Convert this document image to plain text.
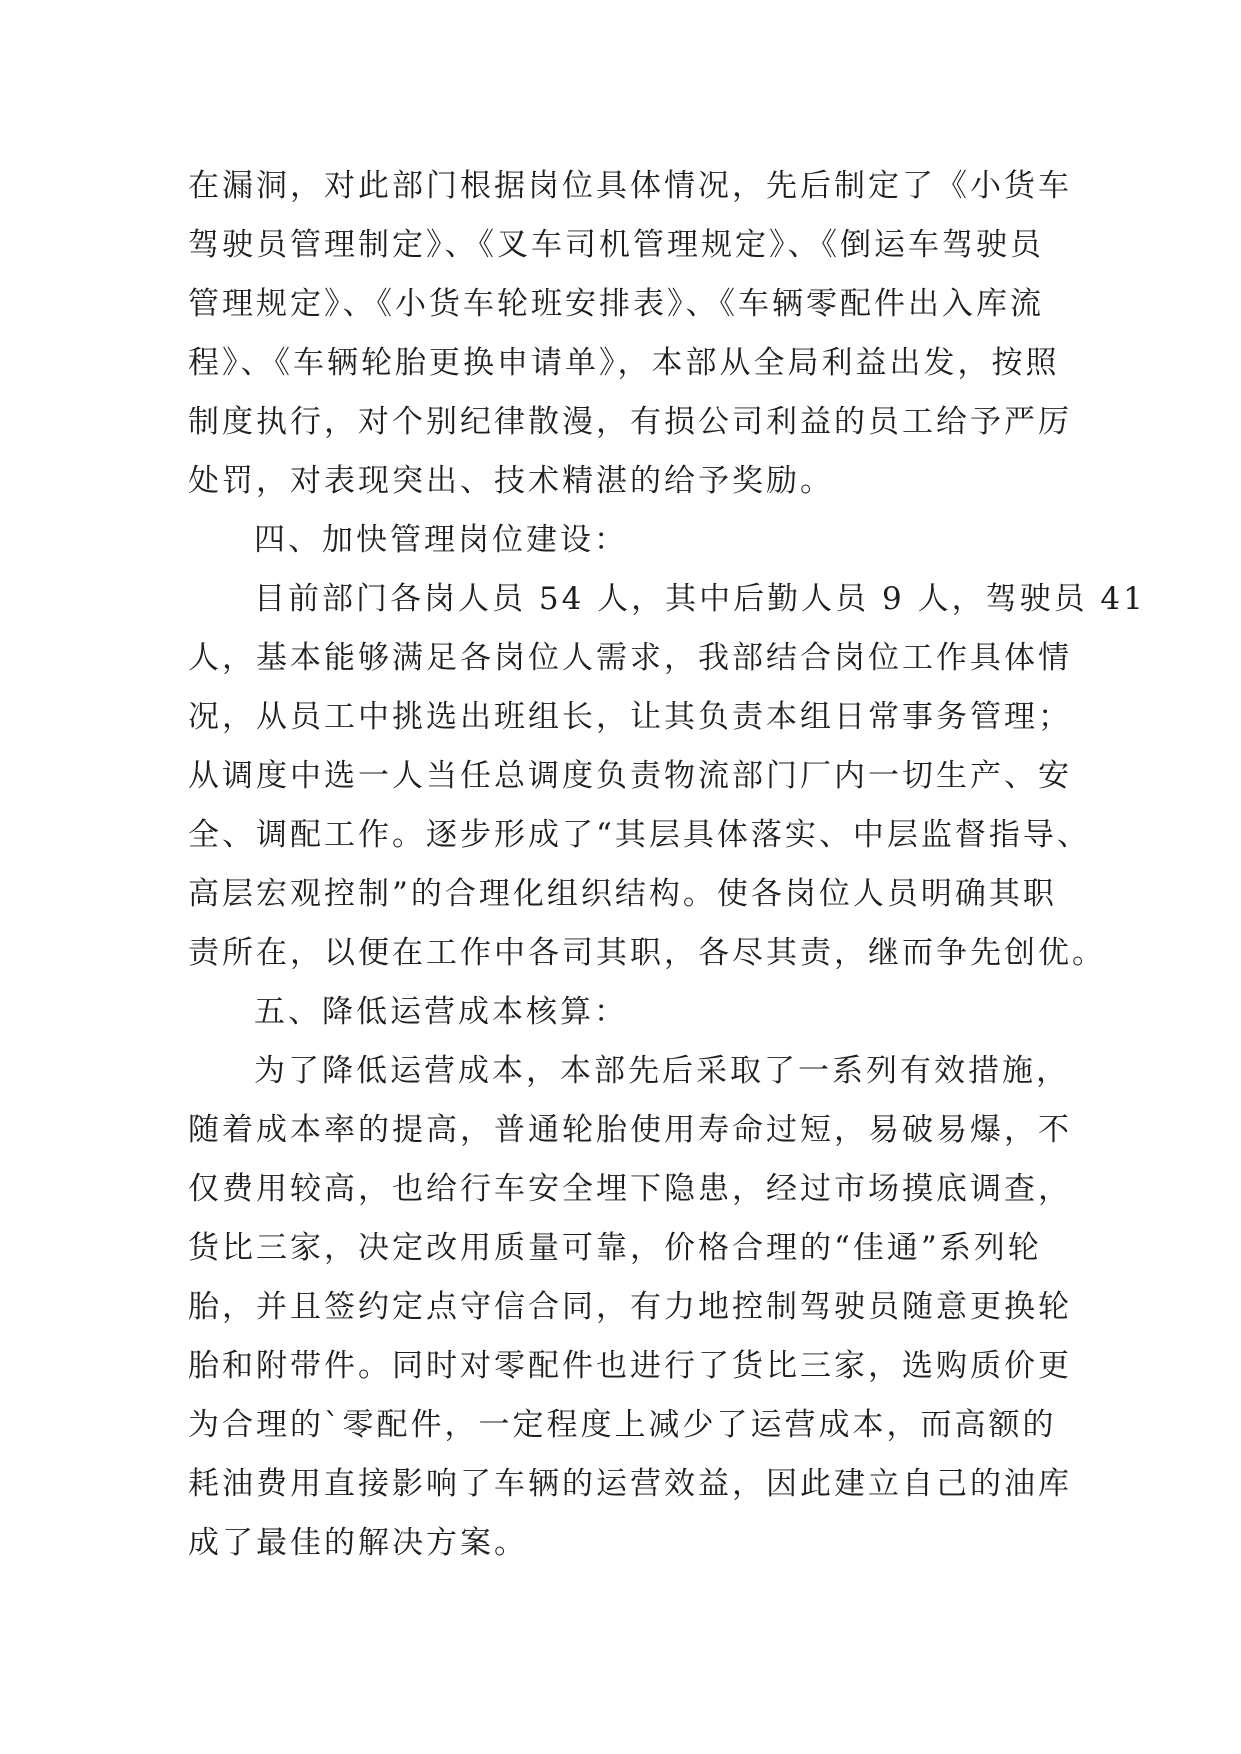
在漏洞，对此部门根据岗位具体情况，先后制定了《小货车
驾驶员管理制定》、《叉车司机管理规定》、《倒运车驾驶员
管理规定》、《小货车轮班安排表》、《车辆零配件出入库流
程》、《车辆轮胎更换申请单》，本部从全局利益出发，按照
制度执行，对个别纪律散漫，有损公司利益的员工给予严厉
处罚，对表现突出、技术精湛的给予奖励。
四、加快管理岗位建设：
目前部门各岗人员 54 人，其中后勤人员 9 人，驾驶员 41
人，基本能够满足各岗位人需求，我部结合岗位工作具体情
况，从员工中挑选出班组长，让其负责本组日常事务管理；
从调度中选一人当任总调度负责物流部门厂内一切生产、安
全、调配工作。逐步形成了“其层具体落实、中层监督指导、
高层宏观控制”的合理化组织结构。使各岗位人员明确其职
责所在，以便在工作中各司其职，各尽其责，继而争先创优。
五、降低运营成本核算：
为了降低运营成本，本部先后采取了一系列有效措施，
随着成本率的提高，普通轮胎使用寿命过短，易破易爆，不
仅费用较高，也给行车安全埋下隐患，经过市场摸底调查，
货比三家，决定改用质量可靠，价格合理的“佳通”系列轮
胎，并且签约定点守信合同，有力地控制驾驶员随意更换轮
胎和附带件。同时对零配件也进行了货比三家，选购质价更
为合理的`零配件，一定程度上减少了运营成本，而高额的
耗油费用直接影响了车辆的运营效益，因此建立自己的油库
成了最佳的解决方案。
